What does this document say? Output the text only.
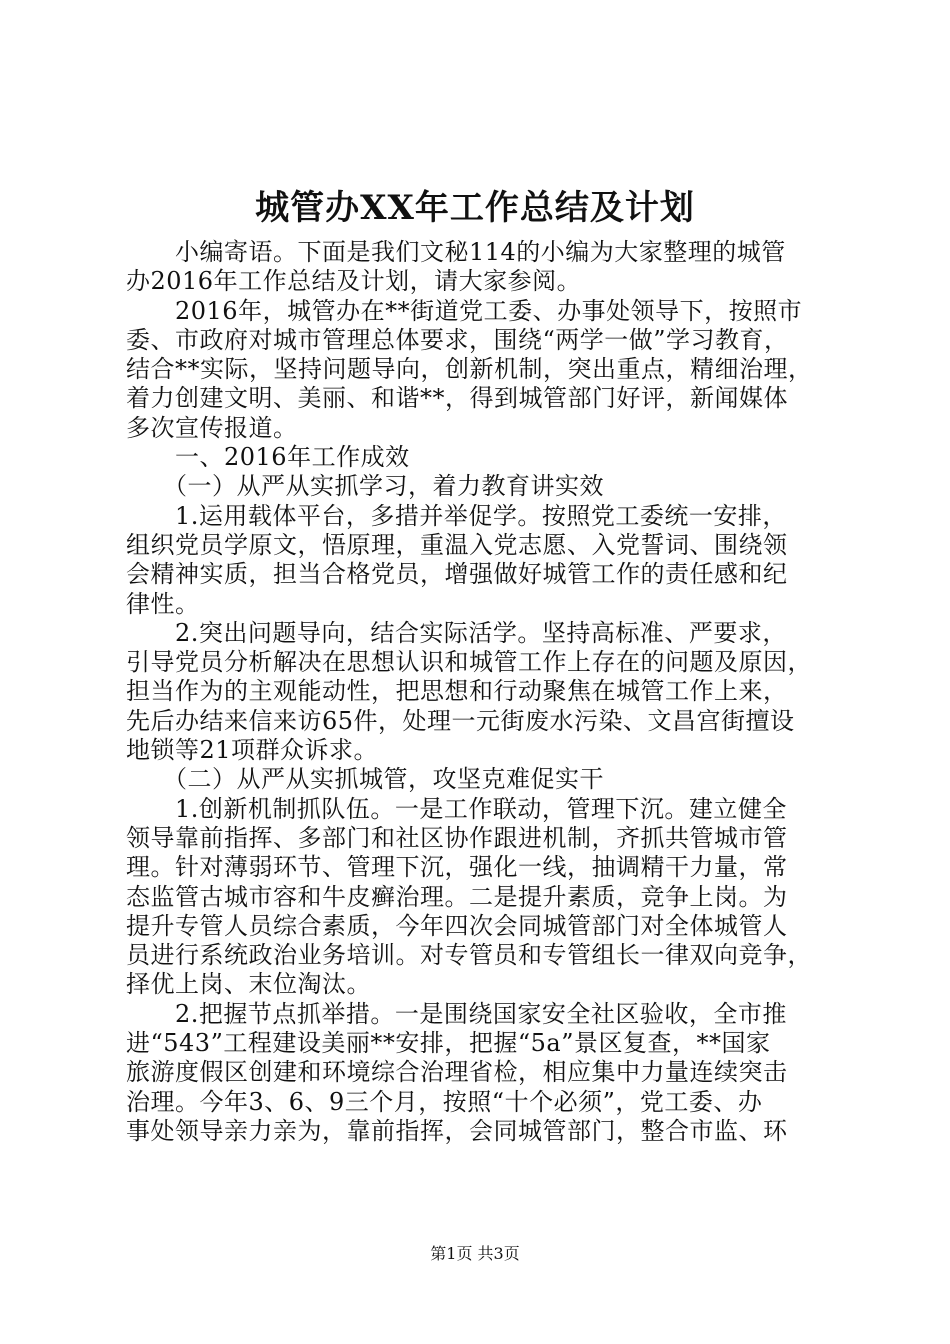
城管办XX年工作总结及计划
　　小编寄语。下面是我们文秘114的小编为大家整理的城管
办2016年工作总结及计划，请大家参阅。
　　2016年，城管办在**街道党工委、办事处领导下，按照市
委、市政府对城市管理总体要求，围绕“两学一做”学习教育，
结合**实际，坚持问题导向，创新机制，突出重点，精细治理，
着力创建文明、美丽、和谐**，得到城管部门好评，新闻媒体
多次宣传报道。
　　一、2016年工作成效
　　（一）从严从实抓学习，着力教育讲实效
　　1.运用载体平台，多措并举促学。按照党工委统一安排，
组织党员学原文，悟原理，重温入党志愿、入党誓词、围绕领
会精神实质，担当合格党员，增强做好城管工作的责任感和纪
律性。
　　2.突出问题导向，结合实际活学。坚持高标准、严要求，
引导党员分析解决在思想认识和城管工作上存在的问题及原因，
担当作为的主观能动性，把思想和行动聚焦在城管工作上来，
先后办结来信来访65件，处理一元街废水污染、文昌宫街擅设
地锁等21项群众诉求。
　　（二）从严从实抓城管，攻坚克难促实干
　　1.创新机制抓队伍。一是工作联动，管理下沉。建立健全
领导靠前指挥、多部门和社区协作跟进机制，齐抓共管城市管
理。针对薄弱环节、管理下沉，强化一线，抽调精干力量，常
态监管古城市容和牛皮癣治理。二是提升素质，竞争上岗。为
提升专管人员综合素质，今年四次会同城管部门对全体城管人
员进行系统政治业务培训。对专管员和专管组长一律双向竞争，
择优上岗、末位淘汰。
　　2.把握节点抓举措。一是围绕国家安全社区验收，全市推
进“543”工程建设美丽**安排，把握“5a”景区复查，**国家
旅游度假区创建和环境综合治理省检，相应集中力量连续突击
治理。今年3、6、9三个月，按照“十个必须”，党工委、办
事处领导亲力亲为，靠前指挥，会同城管部门，整合市监、环
第1页 共3页
